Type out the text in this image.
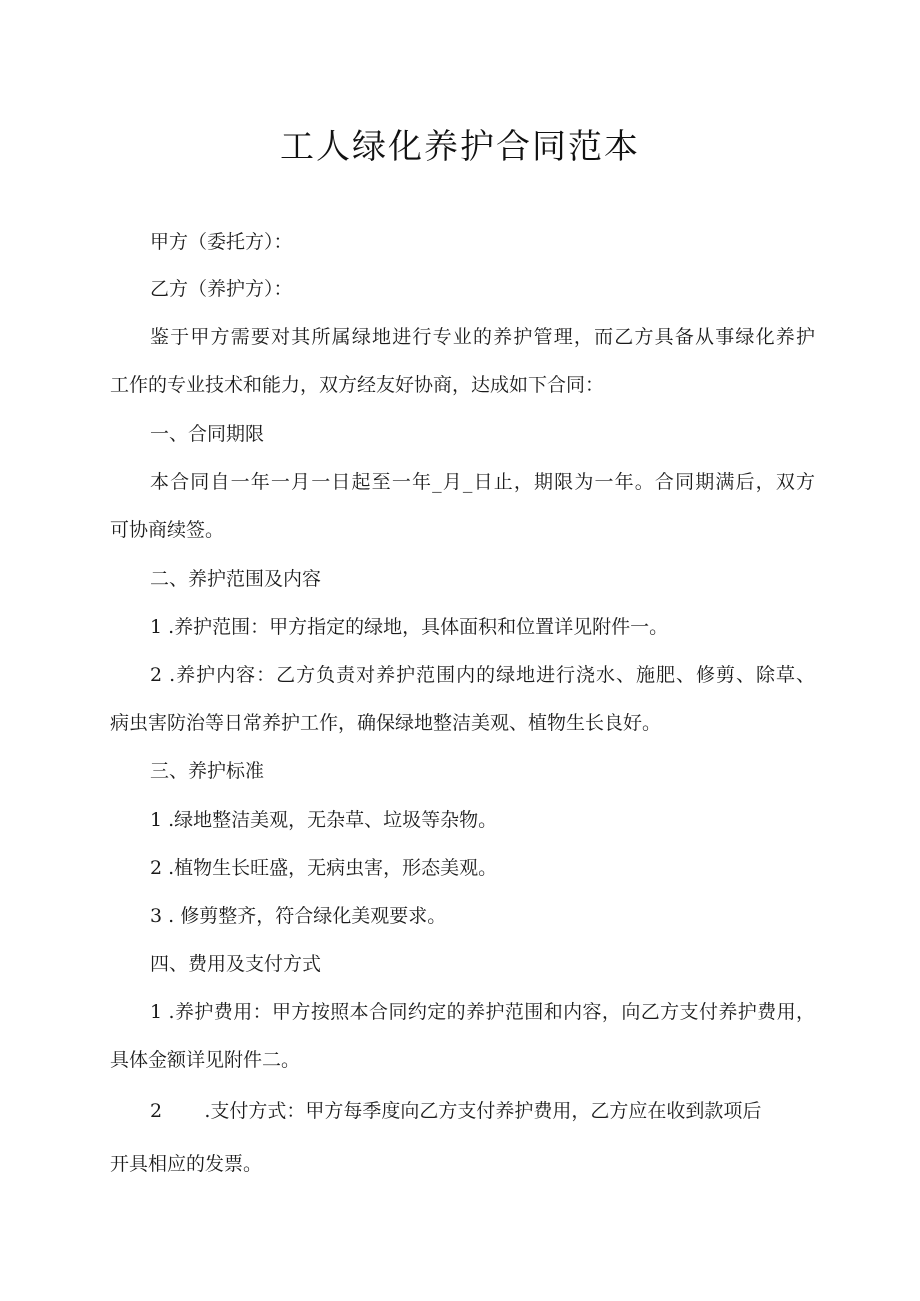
工人绿化养护合同范本
甲方（委托方）：
乙方（养护方）：
鉴于甲方需要对其所属绿地进行专业的养护管理，而乙方具备从事绿化养护
工作的专业技术和能力，双方经友好协商，达成如下合同：
一、合同期限
本合同自一年一月一日起至一年_月_日止，期限为一年。合同期满后，双方
可协商续签。
二、养护范围及内容
1 .养护范围：甲方指定的绿地，具体面积和位置详见附件一。
2 .养护内容：乙方负责对养护范围内的绿地进行浇水、施肥、修剪、除草、
病虫害防治等日常养护工作，确保绿地整洁美观、植物生长良好。
三、养护标准
1 .绿地整洁美观，无杂草、垃圾等杂物。
2 .植物生长旺盛，无病虫害，形态美观。
3 . 修剪整齐，符合绿化美观要求。
四、费用及支付方式
1 .养护费用：甲方按照本合同约定的养护范围和内容，向乙方支付养护费用，
具体金额详见附件二。
2       .支付方式：甲方每季度向乙方支付养护费用，乙方应在收到款项后
开具相应的发票。
